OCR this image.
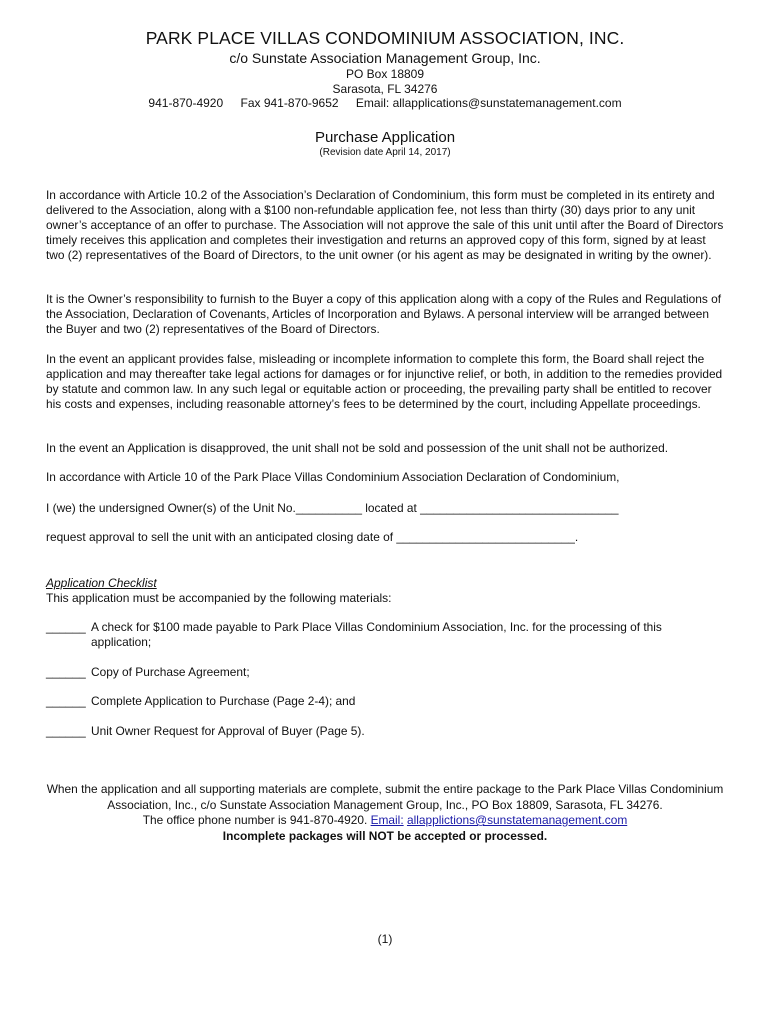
PARK PLACE VILLAS CONDOMINIUM ASSOCIATION, INC.
c/o Sunstate Association Management Group, Inc.
PO Box 18809
Sarasota, FL 34276
941-870-4920 Fax 941-870-9652 Email: allapplications@sunstatemanagement.com
Purchase Application
(Revision date April 14, 2017)
In accordance with Article 10.2 of the Association’s Declaration of Condominium, this form must be completed in its entirety and delivered to the Association, along with a $100 non-refundable application fee, not less than thirty (30) days prior to any unit owner’s acceptance of an offer to purchase. The Association will not approve the sale of this unit until after the Board of Directors timely receives this application and completes their investigation and returns an approved copy of this form, signed by at least two (2) representatives of the Board of Directors, to the unit owner (or his agent as may be designated in writing by the owner).
It is the Owner’s responsibility to furnish to the Buyer a copy of this application along with a copy of the Rules and Regulations of the Association, Declaration of Covenants, Articles of Incorporation and Bylaws. A personal interview will be arranged between the Buyer and two (2) representatives of the Board of Directors.
In the event an applicant provides false, misleading or incomplete information to complete this form, the Board shall reject the application and may thereafter take legal actions for damages or for injunctive relief, or both, in addition to the remedies provided by statute and common law. In any such legal or equitable action or proceeding, the prevailing party shall be entitled to recover his costs and expenses, including reasonable attorney’s fees to be determined by the court, including Appellate proceedings.
In the event an Application is disapproved, the unit shall not be sold and possession of the unit shall not be authorized.
In accordance with Article 10 of the Park Place Villas Condominium Association Declaration of Condominium,
I (we) the undersigned Owner(s) of the Unit No.__________ located at ______________________________
request approval to sell the unit with an anticipated closing date of ___________________________.
Application Checklist
This application must be accompanied by the following materials:
______ A check for $100 made payable to Park Place Villas Condominium Association, Inc. for the processing of this application;
______ Copy of Purchase Agreement;
______ Complete Application to Purchase (Page 2-4); and
______ Unit Owner Request for Approval of Buyer (Page 5).
When the application and all supporting materials are complete, submit the entire package to the Park Place Villas Condominium Association, Inc., c/o Sunstate Association Management Group, Inc., PO Box 18809, Sarasota, FL 34276.
The office phone number is 941-870-4920. Email: allapplictions@sunstatemanagement.com
Incomplete packages will NOT be accepted or processed.
(1)
